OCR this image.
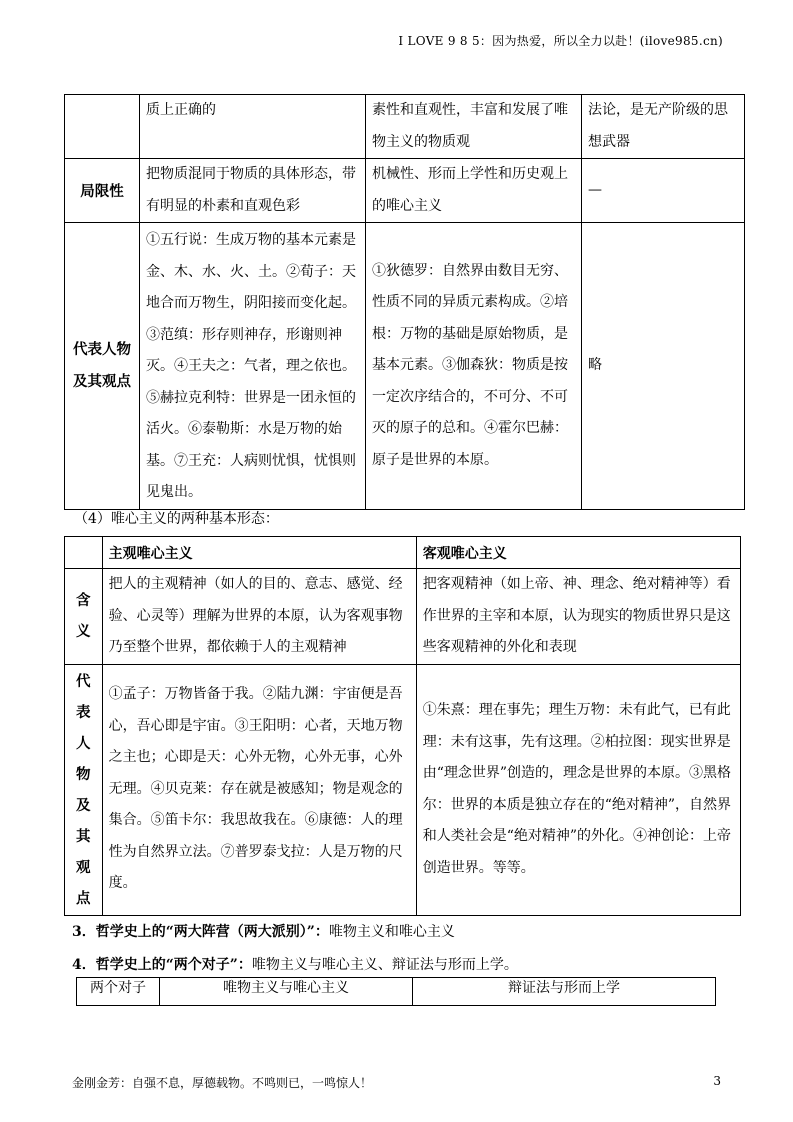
I LOVE 9 8 5：因为热爱，所以全力以赴！(ilove985.cn)
	质上正确的	素性和直观性，丰富和发展了唯物主义的物质观	法论，是无产阶级的思想武器
局限性	把物质混同于物质的具体形态，带有明显的朴素和直观色彩	机械性、形而上学性和历史观上的唯心主义	—
代表人物及其观点	①五行说：生成万物的基本元素是金、木、水、火、土。②荀子：天地合而万物生，阴阳接而变化起。③范缜：形存则神存，形谢则神灭。④王夫之：气者，理之依也。⑤赫拉克利特：世界是一团永恒的活火。⑥泰勒斯：水是万物的始基。⑦王充：人病则忧惧，忧惧则见鬼出。	①狄德罗：自然界由数目无穷、性质不同的异质元素构成。②培根：万物的基础是原始物质，是基本元素。③伽森狄：物质是按一定次序结合的，不可分、不可灭的原子的总和。④霍尔巴赫：原子是世界的本原。	略
（4）唯心主义的两种基本形态：
	主观唯心主义	客观唯心主义
含义	把人的主观精神（如人的目的、意志、感觉、经验、心灵等）理解为世界的本原，认为客观事物乃至整个世界，都依赖于人的主观精神	把客观精神（如上帝、神、理念、绝对精神等）看作世界的主宰和本原，认为现实的物质世界只是这些客观精神的外化和表现
代表人物及其观点	①孟子：万物皆备于我。②陆九渊：宇宙便是吾心，吾心即是宇宙。③王阳明：心者，天地万物之主也；心即是天：心外无物，心外无事，心外无理。④贝克莱：存在就是被感知；物是观念的集合。⑤笛卡尔：我思故我在。⑥康德：人的理性为自然界立法。⑦普罗泰戈拉：人是万物的尺度。	①朱熹：理在事先；理生万物：未有此气，已有此理：未有这事，先有这理。②柏拉图：现实世界是由“理念世界”创造的，理念是世界的本原。③黑格尔：世界的本质是独立存在的“绝对精神”，自然界和人类社会是“绝对精神”的外化。④神创论：上帝创造世界。等等。
3．哲学史上的“两大阵营（两大派别）”：唯物主义和唯心主义
4．哲学史上的“两个对子”：唯物主义与唯心主义、辩证法与形而上学。
两个对子	唯物主义与唯心主义	辩证法与形而上学
金刚金芳：自强不息，厚德载物。不鸣则已，一鸣惊人！	3
